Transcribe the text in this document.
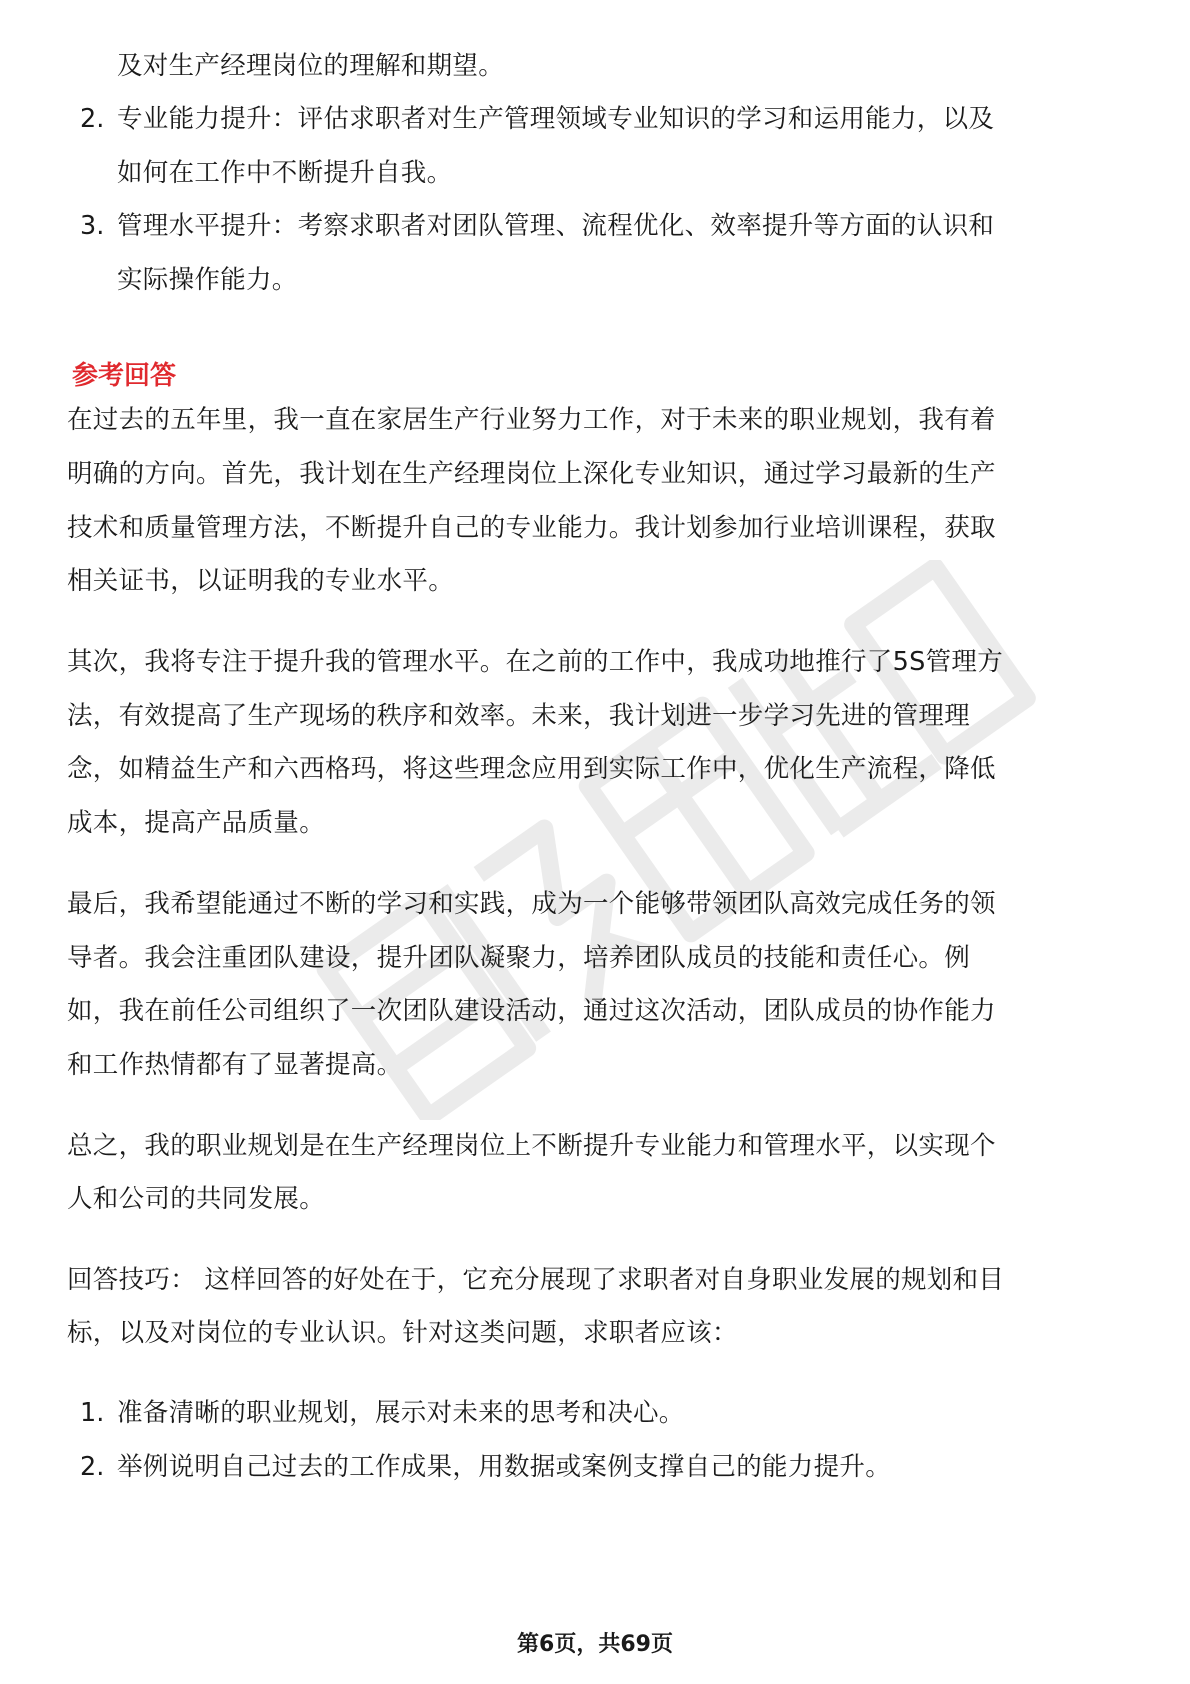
及对生产经理岗位的理解和期望。
2. 专业能力提升：评估求职者对生产管理领域专业知识的学习和运用能力，以及
如何在工作中不断提升自我。
3. 管理水平提升：考察求职者对团队管理、流程优化、效率提升等方面的认识和
实际操作能力。
参考回答
在过去的五年里，我一直在家居生产行业努力工作，对于未来的职业规划，我有着
明确的方向。首先，我计划在生产经理岗位上深化专业知识，通过学习最新的生产
技术和质量管理方法，不断提升自己的专业能力。我计划参加行业培训课程，获取
相关证书，以证明我的专业水平。
其次，我将专注于提升我的管理水平。在之前的工作中，我成功地推行了5S管理方
法，有效提高了生产现场的秩序和效率。未来，我计划进一步学习先进的管理理
念，如精益生产和六西格玛，将这些理念应用到实际工作中，优化生产流程，降低
成本，提高产品质量。
最后，我希望能通过不断的学习和实践，成为一个能够带领团队高效完成任务的领
导者。我会注重团队建设，提升团队凝聚力，培养团队成员的技能和责任心。例
如，我在前任公司组织了一次团队建设活动，通过这次活动，团队成员的协作能力
和工作热情都有了显著提高。
总之，我的职业规划是在生产经理岗位上不断提升专业能力和管理水平，以实现个
人和公司的共同发展。
回答技巧： 这样回答的好处在于，它充分展现了求职者对自身职业发展的规划和目
标，以及对岗位的专业认识。针对这类问题，求职者应该：
1. 准备清晰的职业规划，展示对未来的思考和决心。
2. 举例说明自己过去的工作成果，用数据或案例支撑自己的能力提升。
第6页，共69页
